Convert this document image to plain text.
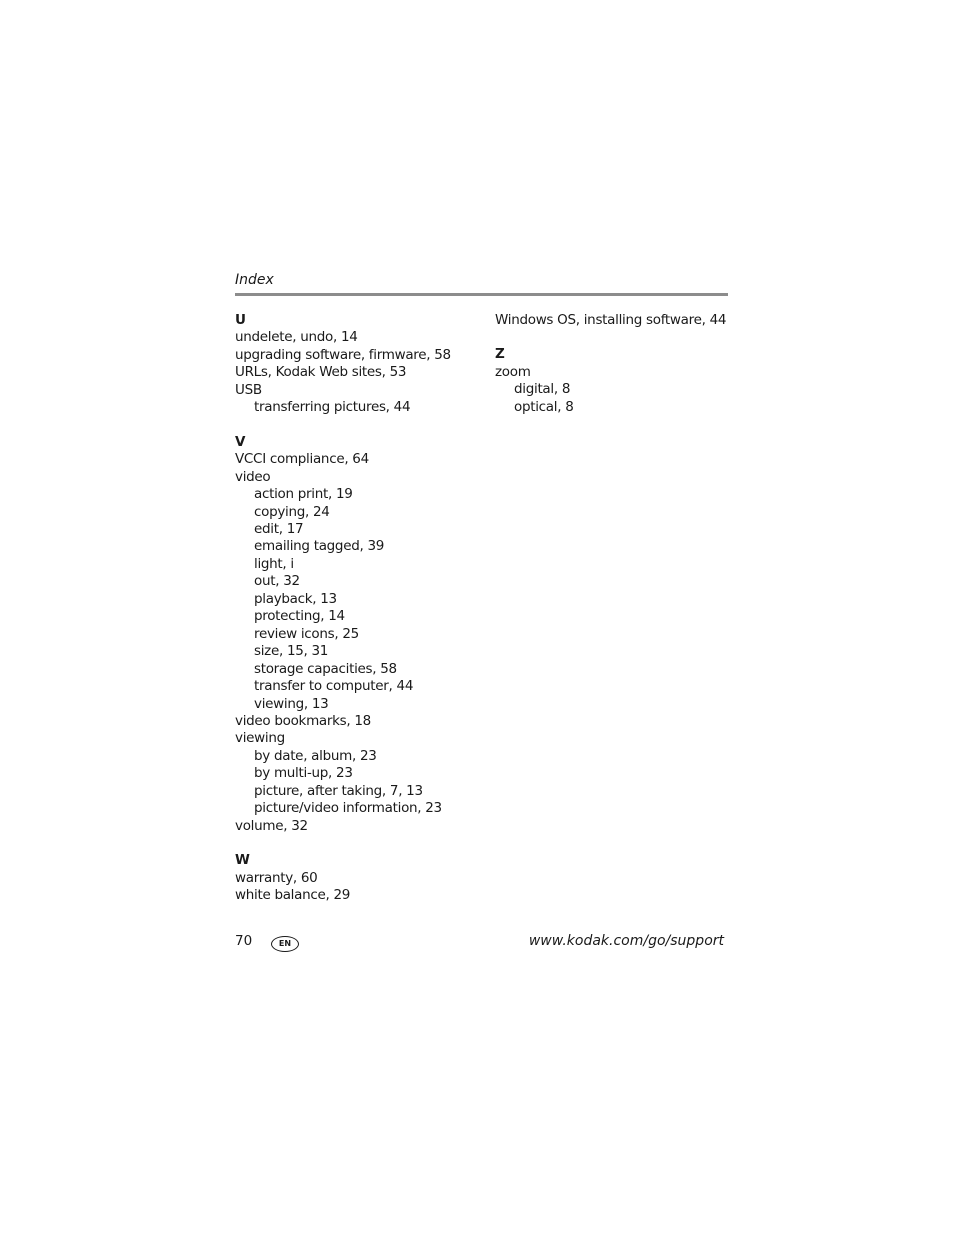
Index
U
undelete, undo, 14
upgrading software, firmware, 58
URLs, Kodak Web sites, 53
USB
transferring pictures, 44
V
VCCI compliance, 64
video
action print, 19
copying, 24
edit, 17
emailing tagged, 39
light, i
out, 32
playback, 13
protecting, 14
review icons, 25
size, 15, 31
storage capacities, 58
transfer to computer, 44
viewing, 13
video bookmarks, 18
viewing
by date, album, 23
by multi-up, 23
picture, after taking, 7, 13
picture/video information, 23
volume, 32
W
warranty, 60
white balance, 29
Windows OS, installing software, 44
Z
zoom
digital, 8
optical, 8
70	EN	www.kodak.com/go/support
